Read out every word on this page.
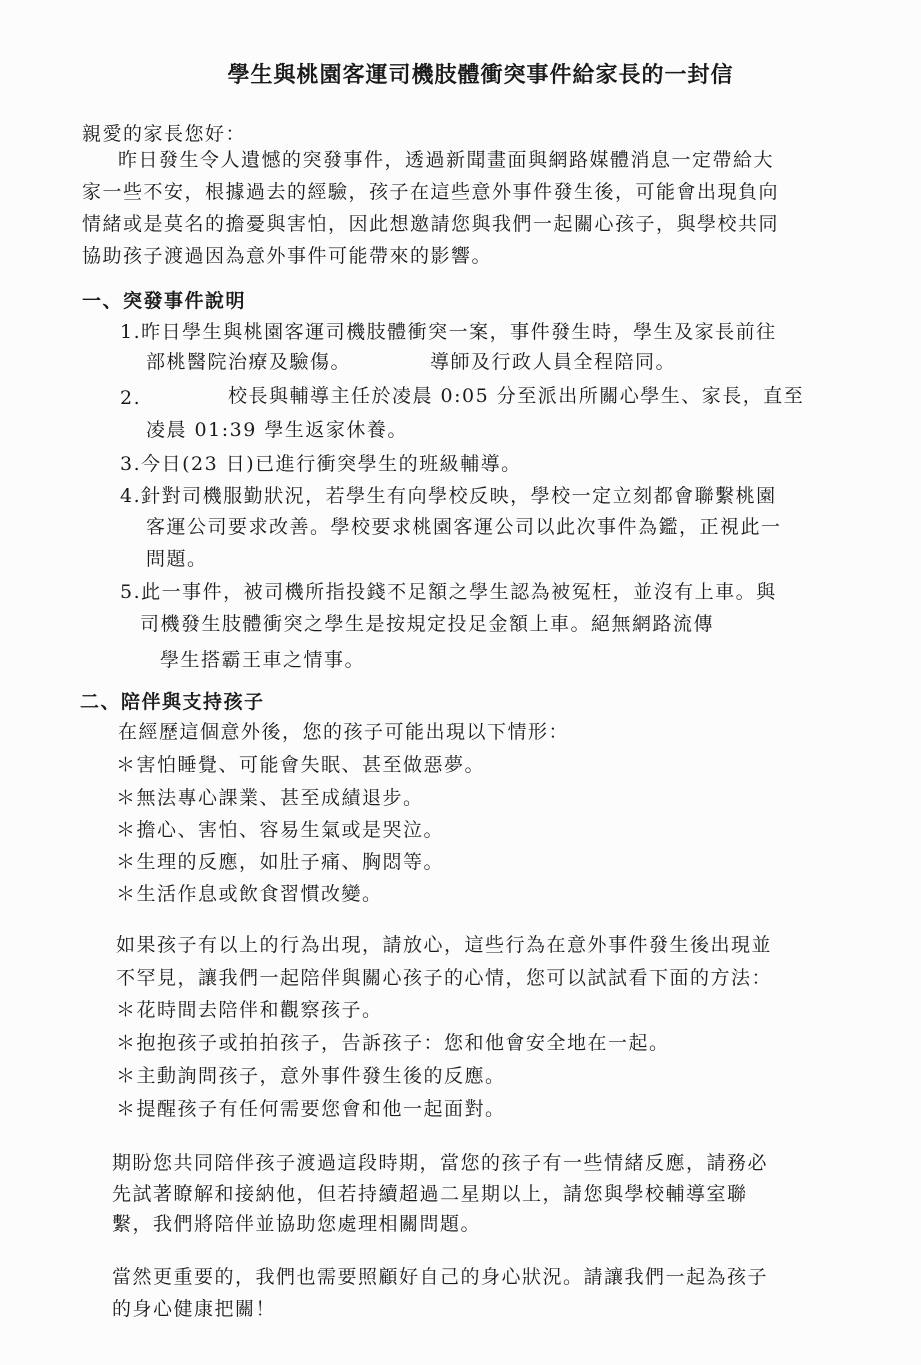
學生與桃園客運司機肢體衝突事件給家長的一封信
親愛的家長您好：
昨日發生令人遺憾的突發事件，透過新聞畫面與網路媒體消息一定帶給大
家一些不安，根據過去的經驗，孩子在這些意外事件發生後，可能會出現負向
情緒或是莫名的擔憂與害怕，因此想邀請您與我們一起關心孩子，與學校共同
協助孩子渡過因為意外事件可能帶來的影響。
一、突發事件說明
1.昨日學生與桃園客運司機肢體衝突一案，事件發生時，學生及家長前往
部桃醫院治療及驗傷。	導師及行政人員全程陪同。
2.	校長與輔導主任於凌晨 0:05 分至派出所關心學生、家長，直至
凌晨 01:39 學生返家休養。
3.今日(23 日)已進行衝突學生的班級輔導。
4.針對司機服勤狀況，若學生有向學校反映，學校一定立刻都會聯繫桃園
客運公司要求改善。學校要求桃園客運公司以此次事件為鑑，正視此一
問題。
5.此一事件，被司機所指投錢不足額之學生認為被冤枉，並沒有上車。與
司機發生肢體衝突之學生是按規定投足金額上車。絕無網路流傳
學生搭霸王車之情事。
二、陪伴與支持孩子
在經歷這個意外後，您的孩子可能出現以下情形：
＊害怕睡覺、可能會失眠、甚至做惡夢。
＊無法專心課業、甚至成績退步。
＊擔心、害怕、容易生氣或是哭泣。
＊生理的反應，如肚子痛、胸悶等。
＊生活作息或飲食習慣改變。
如果孩子有以上的行為出現，請放心，這些行為在意外事件發生後出現並
不罕見，讓我們一起陪伴與關心孩子的心情，您可以試試看下面的方法：
＊花時間去陪伴和觀察孩子。
＊抱抱孩子或拍拍孩子，告訴孩子：您和他會安全地在一起。
＊主動詢問孩子，意外事件發生後的反應。
＊提醒孩子有任何需要您會和他一起面對。
期盼您共同陪伴孩子渡過這段時期，當您的孩子有一些情緒反應，請務必
先試著瞭解和接納他，但若持續超過二星期以上，請您與學校輔導室聯
繫，我們將陪伴並協助您處理相關問題。
當然更重要的，我們也需要照顧好自己的身心狀況。請讓我們一起為孩子
的身心健康把關！
